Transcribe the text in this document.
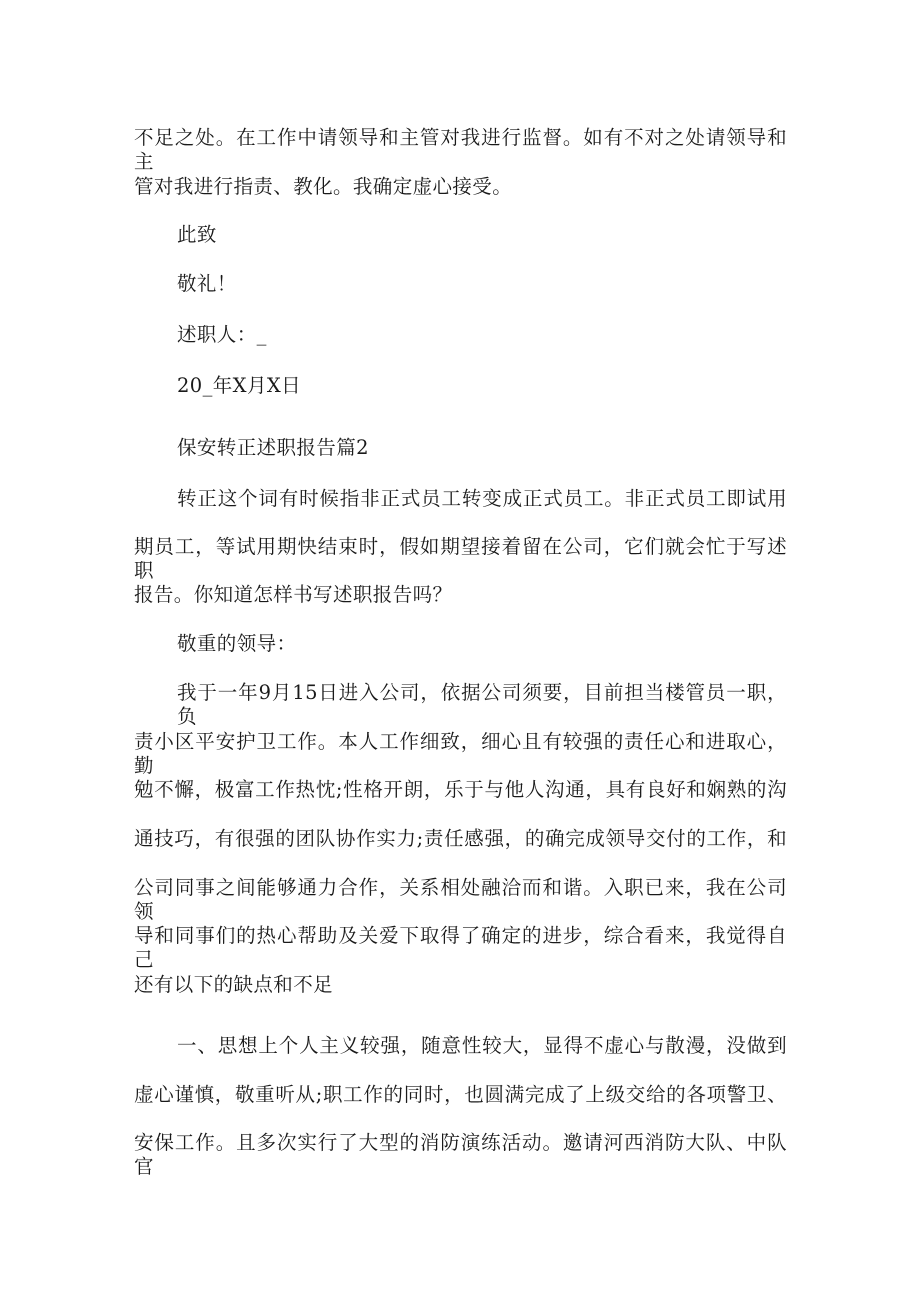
不足之处。在工作中请领导和主管对我进行监督。如有不对之处请领导和主
管对我进行指责、教化。我确定虚心接受。
此致
敬礼！
述职人：_
20_年X月X日
保安转正述职报告篇2
转正这个词有时候指非正式员工转变成正式员工。非正式员工即试用
期员工，等试用期快结束时，假如期望接着留在公司，它们就会忙于写述职
报告。你知道怎样书写述职报告吗？
敬重的领导：
我于一年9月15日进入公司，依据公司须要，目前担当楼管员一职，负
责小区平安护卫工作。本人工作细致，细心且有较强的责任心和进取心，勤
勉不懈，极富工作热忱;性格开朗，乐于与他人沟通，具有良好和娴熟的沟
通技巧，有很强的团队协作实力;责任感强，的确完成领导交付的工作，和
公司同事之间能够通力合作，关系相处融洽而和谐。入职已来，我在公司领
导和同事们的热心帮助及关爱下取得了确定的进步，综合看来，我觉得自己
还有以下的缺点和不足
一、思想上个人主义较强，随意性较大，显得不虚心与散漫，没做到
虚心谨慎，敬重听从;职工作的同时，也圆满完成了上级交给的各项警卫、
安保工作。且多次实行了大型的消防演练活动。邀请河西消防大队、中队官
